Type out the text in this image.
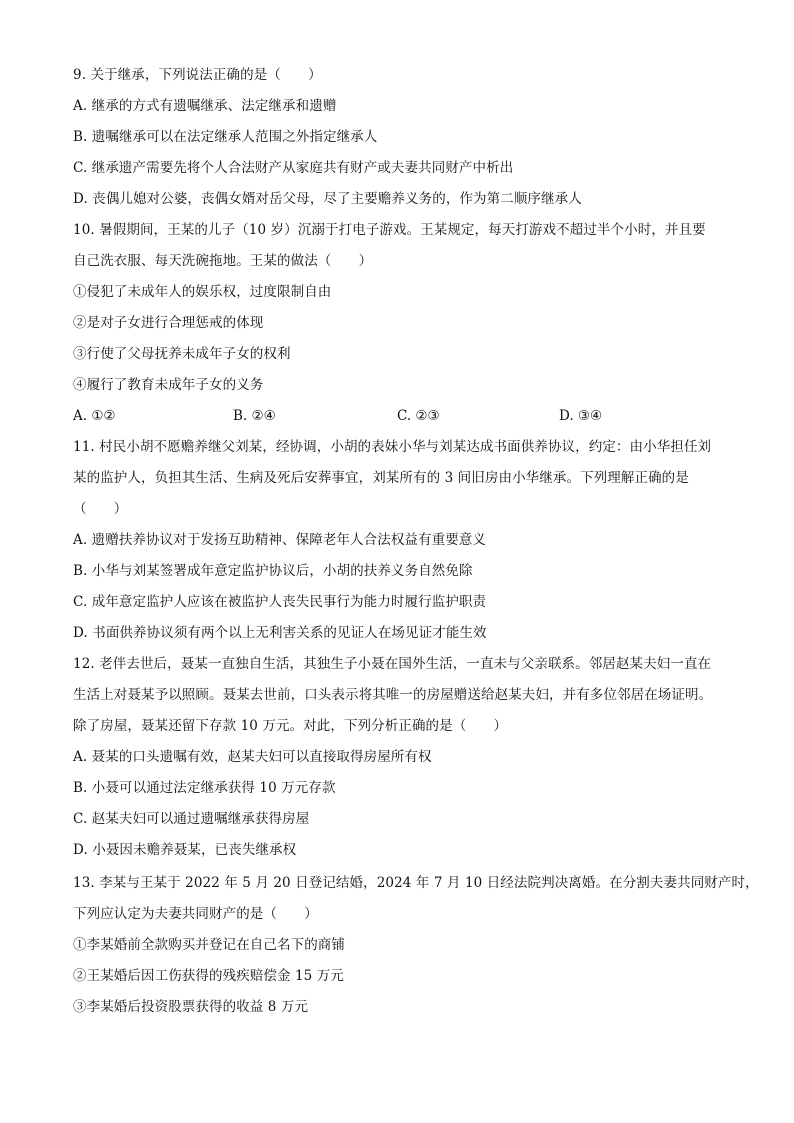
9. 关于继承，下列说法正确的是（　　）
A. 继承的方式有遗嘱继承、法定继承和遗赠
B. 遗嘱继承可以在法定继承人范围之外指定继承人
C. 继承遗产需要先将个人合法财产从家庭共有财产或夫妻共同财产中析出
D. 丧偶儿媳对公婆，丧偶女婿对岳父母，尽了主要赡养义务的，作为第二顺序继承人
10. 暑假期间，王某的儿子（10 岁）沉溺于打电子游戏。王某规定，每天打游戏不超过半个小时，并且要
自己洗衣服、每天洗碗拖地。王某的做法（　　）
①侵犯了未成年人的娱乐权，过度限制自由
②是对子女进行合理惩戒的体现
③行使了父母抚养未成年子女的权利
④履行了教育未成年子女的义务
A. ①②	B. ②④	C. ②③	D. ③④
11. 村民小胡不愿赡养继父刘某，经协调，小胡的表妹小华与刘某达成书面供养协议，约定：由小华担任刘
某的监护人，负担其生活、生病及死后安葬事宜，刘某所有的 3 间旧房由小华继承。下列理解正确的是
（　　）
A. 遗赠扶养协议对于发扬互助精神、保障老年人合法权益有重要意义
B. 小华与刘某签署成年意定监护协议后，小胡的扶养义务自然免除
C. 成年意定监护人应该在被监护人丧失民事行为能力时履行监护职责
D. 书面供养协议须有两个以上无利害关系的见证人在场见证才能生效
12. 老伴去世后，聂某一直独自生活，其独生子小聂在国外生活，一直未与父亲联系。邻居赵某夫妇一直在
生活上对聂某予以照顾。聂某去世前，口头表示将其唯一的房屋赠送给赵某夫妇，并有多位邻居在场证明。
除了房屋，聂某还留下存款 10 万元。对此，下列分析正确的是（　　）
A. 聂某的口头遗嘱有效，赵某夫妇可以直接取得房屋所有权
B. 小聂可以通过法定继承获得 10 万元存款
C. 赵某夫妇可以通过遗嘱继承获得房屋
D. 小聂因未赡养聂某，已丧失继承权
13. 李某与王某于 2022 年 5 月 20 日登记结婚，2024 年 7 月 10 日经法院判决离婚。在分割夫妻共同财产时，
下列应认定为夫妻共同财产的是（　　）
①李某婚前全款购买并登记在自己名下的商铺
②王某婚后因工伤获得的残疾赔偿金 15 万元
③李某婚后投资股票获得的收益 8 万元
